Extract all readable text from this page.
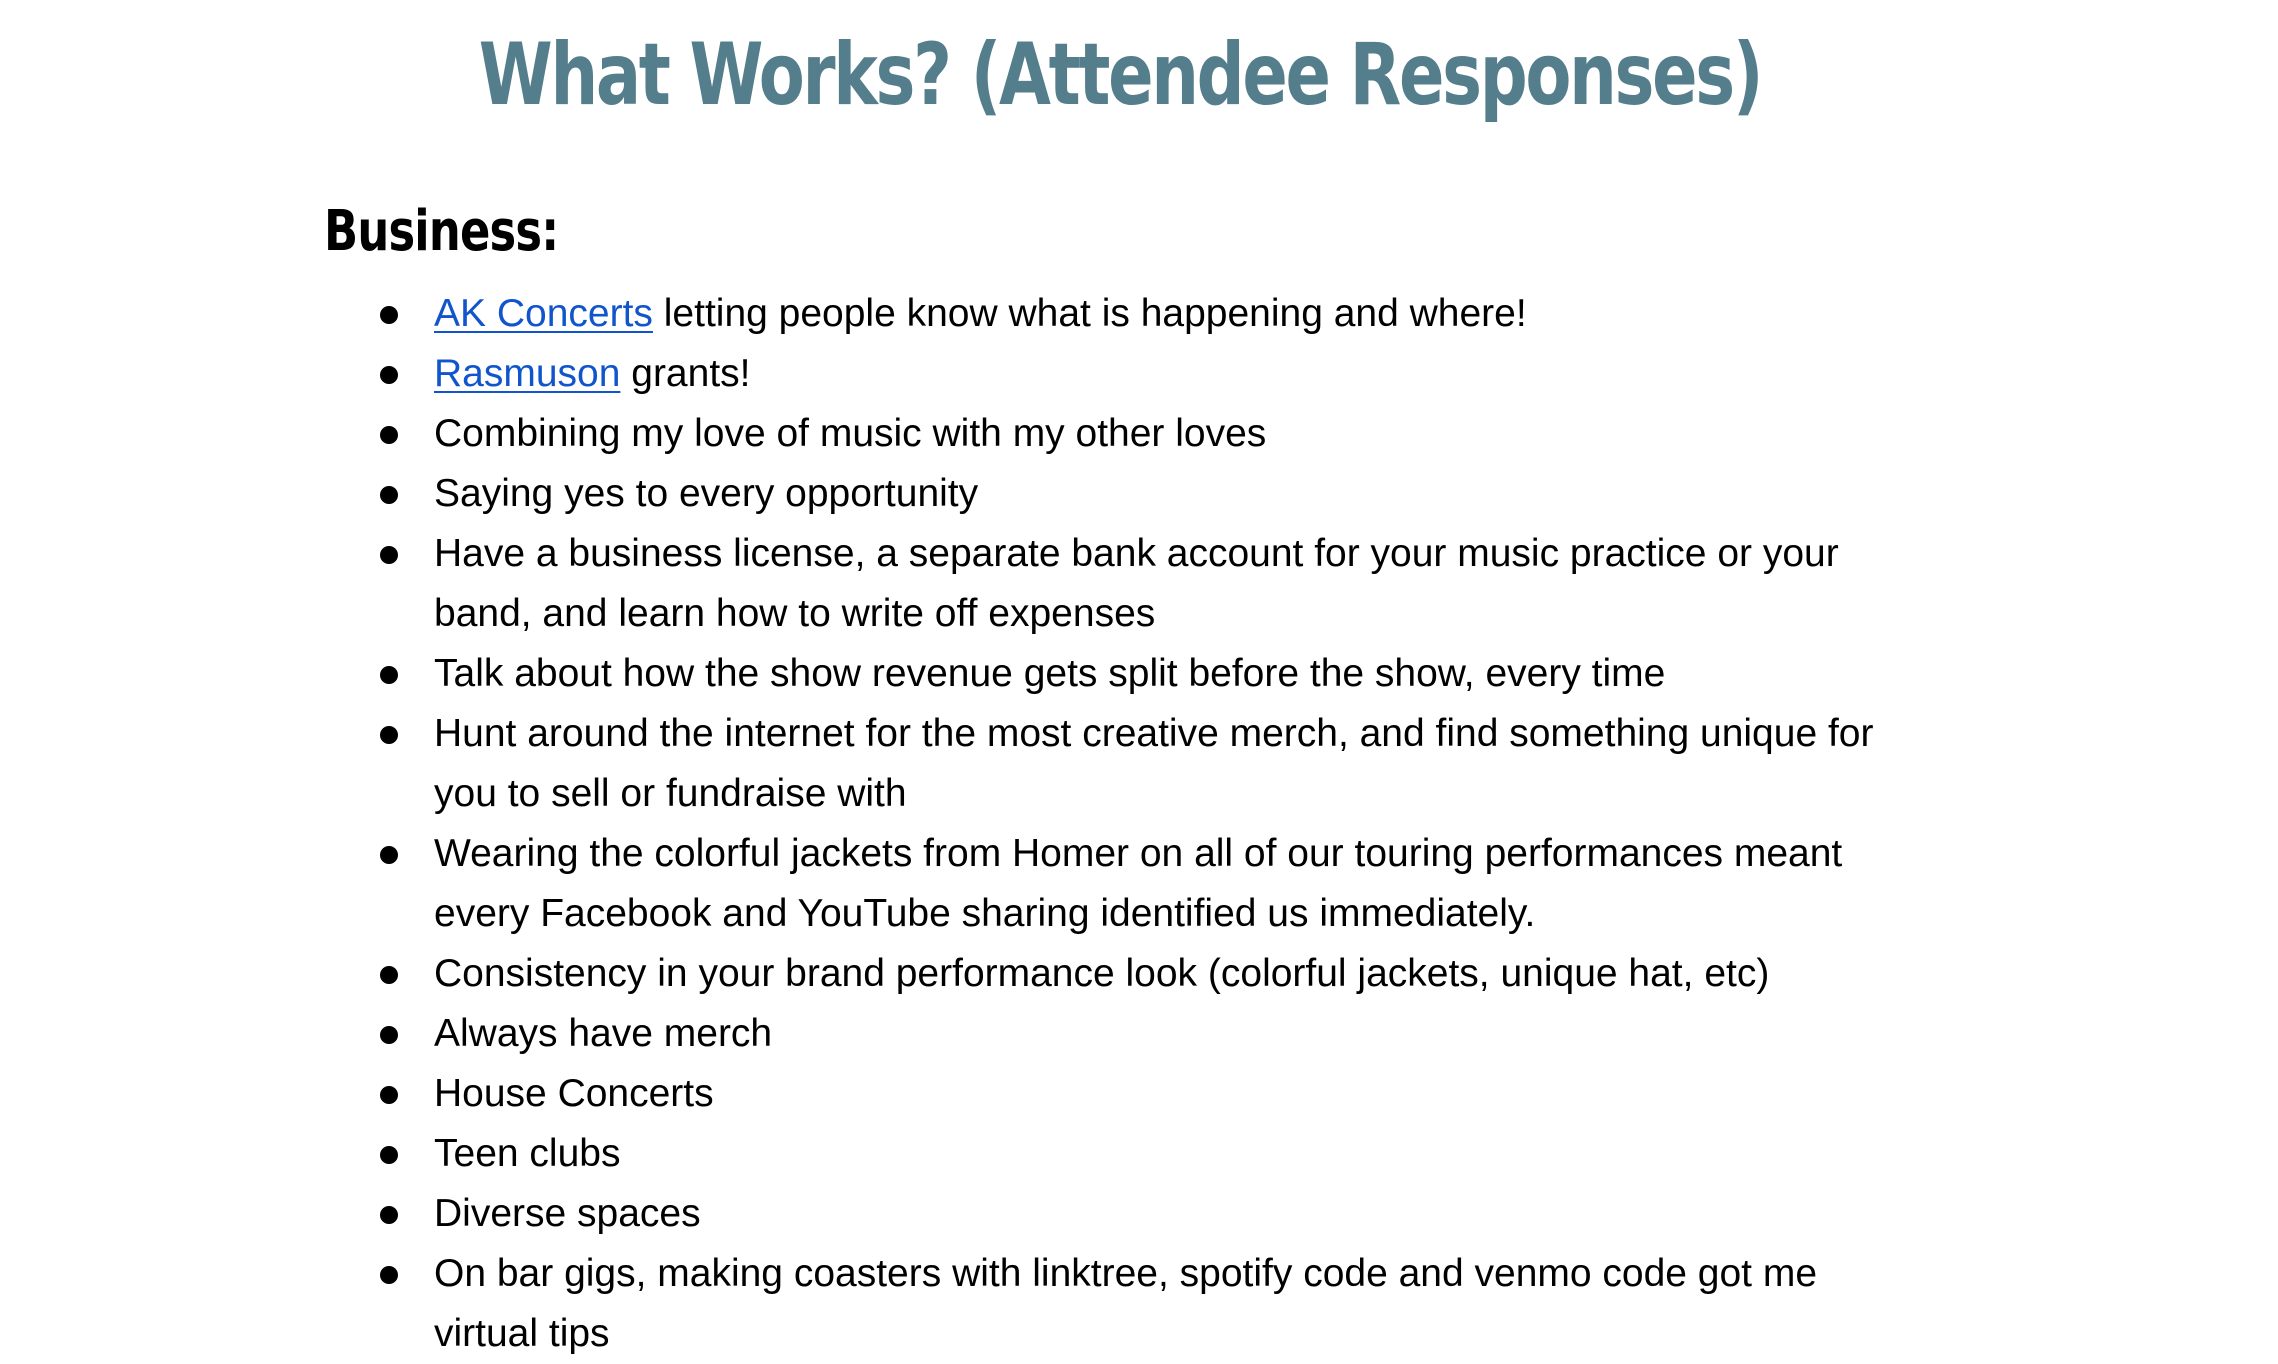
What Works? (Attendee Responses)
Business:
AK Concerts letting people know what is happening and where!
Rasmuson grants!
Combining my love of music with my other loves
Saying yes to every opportunity
Have a business license, a separate bank account for your music practice or your band, and learn how to write off expenses
Talk about how the show revenue gets split before the show, every time
Hunt around the internet for the most creative merch, and find something unique for you to sell or fundraise with
Wearing the colorful jackets from Homer on all of our touring performances meant every Facebook and YouTube sharing identified us immediately.
Consistency in your brand performance look (colorful jackets, unique hat, etc)
Always have merch
House Concerts
Teen clubs
Diverse spaces
On bar gigs, making coasters with linktree, spotify code and venmo code got me virtual tips
